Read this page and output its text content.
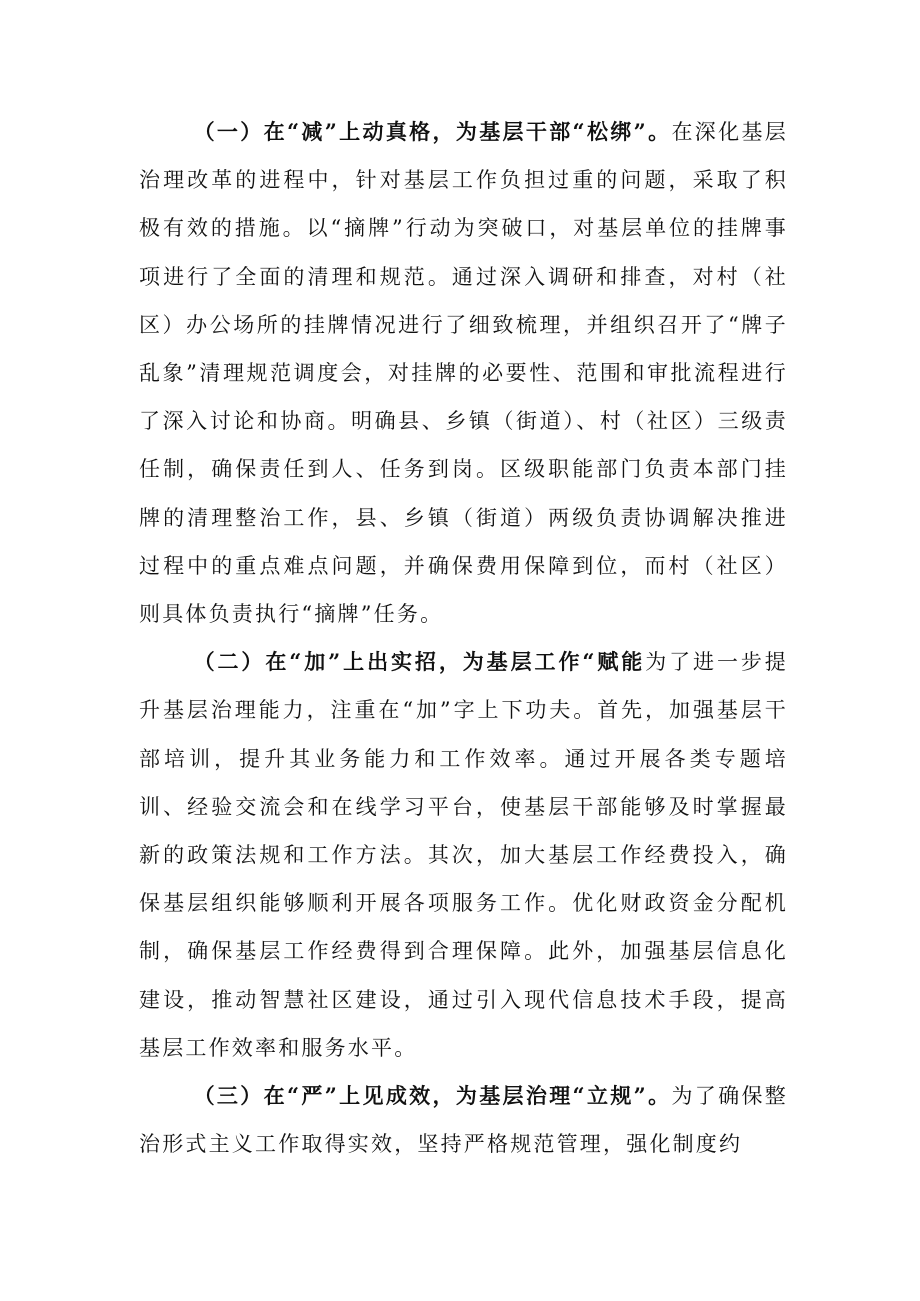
（一）在“减”上动真格，为基层干部“松绑”。在深化基层治理改革的进程中，针对基层工作负担过重的问题，采取了积极有效的措施。以“摘牌”行动为突破口，对基层单位的挂牌事项进行了全面的清理和规范。通过深入调研和排查，对村（社区）办公场所的挂牌情况进行了细致梳理，并组织召开了“牌子乱象”清理规范调度会，对挂牌的必要性、范围和审批流程进行了深入讨论和协商。明确县、乡镇（街道）、村（社区）三级责任制，确保责任到人、任务到岗。区级职能部门负责本部门挂牌的清理整治工作，县、乡镇（街道）两级负责协调解决推进过程中的重点难点问题，并确保费用保障到位，而村（社区）则具体负责执行“摘牌”任务。

（二）在“加”上出实招，为基层工作“赋能为了进一步提升基层治理能力，注重在“加”字上下功夫。首先，加强基层干部培训，提升其业务能力和工作效率。通过开展各类专题培训、经验交流会和在线学习平台，使基层干部能够及时掌握最新的政策法规和工作方法。其次，加大基层工作经费投入，确保基层组织能够顺利开展各项服务工作。优化财政资金分配机制，确保基层工作经费得到合理保障。此外，加强基层信息化建设，推动智慧社区建设，通过引入现代信息技术手段，提高基层工作效率和服务水平。

（三）在“严”上见成效，为基层治理“立规”。为了确保整治形式主义工作取得实效，坚持严格规范管理，强化制度约
